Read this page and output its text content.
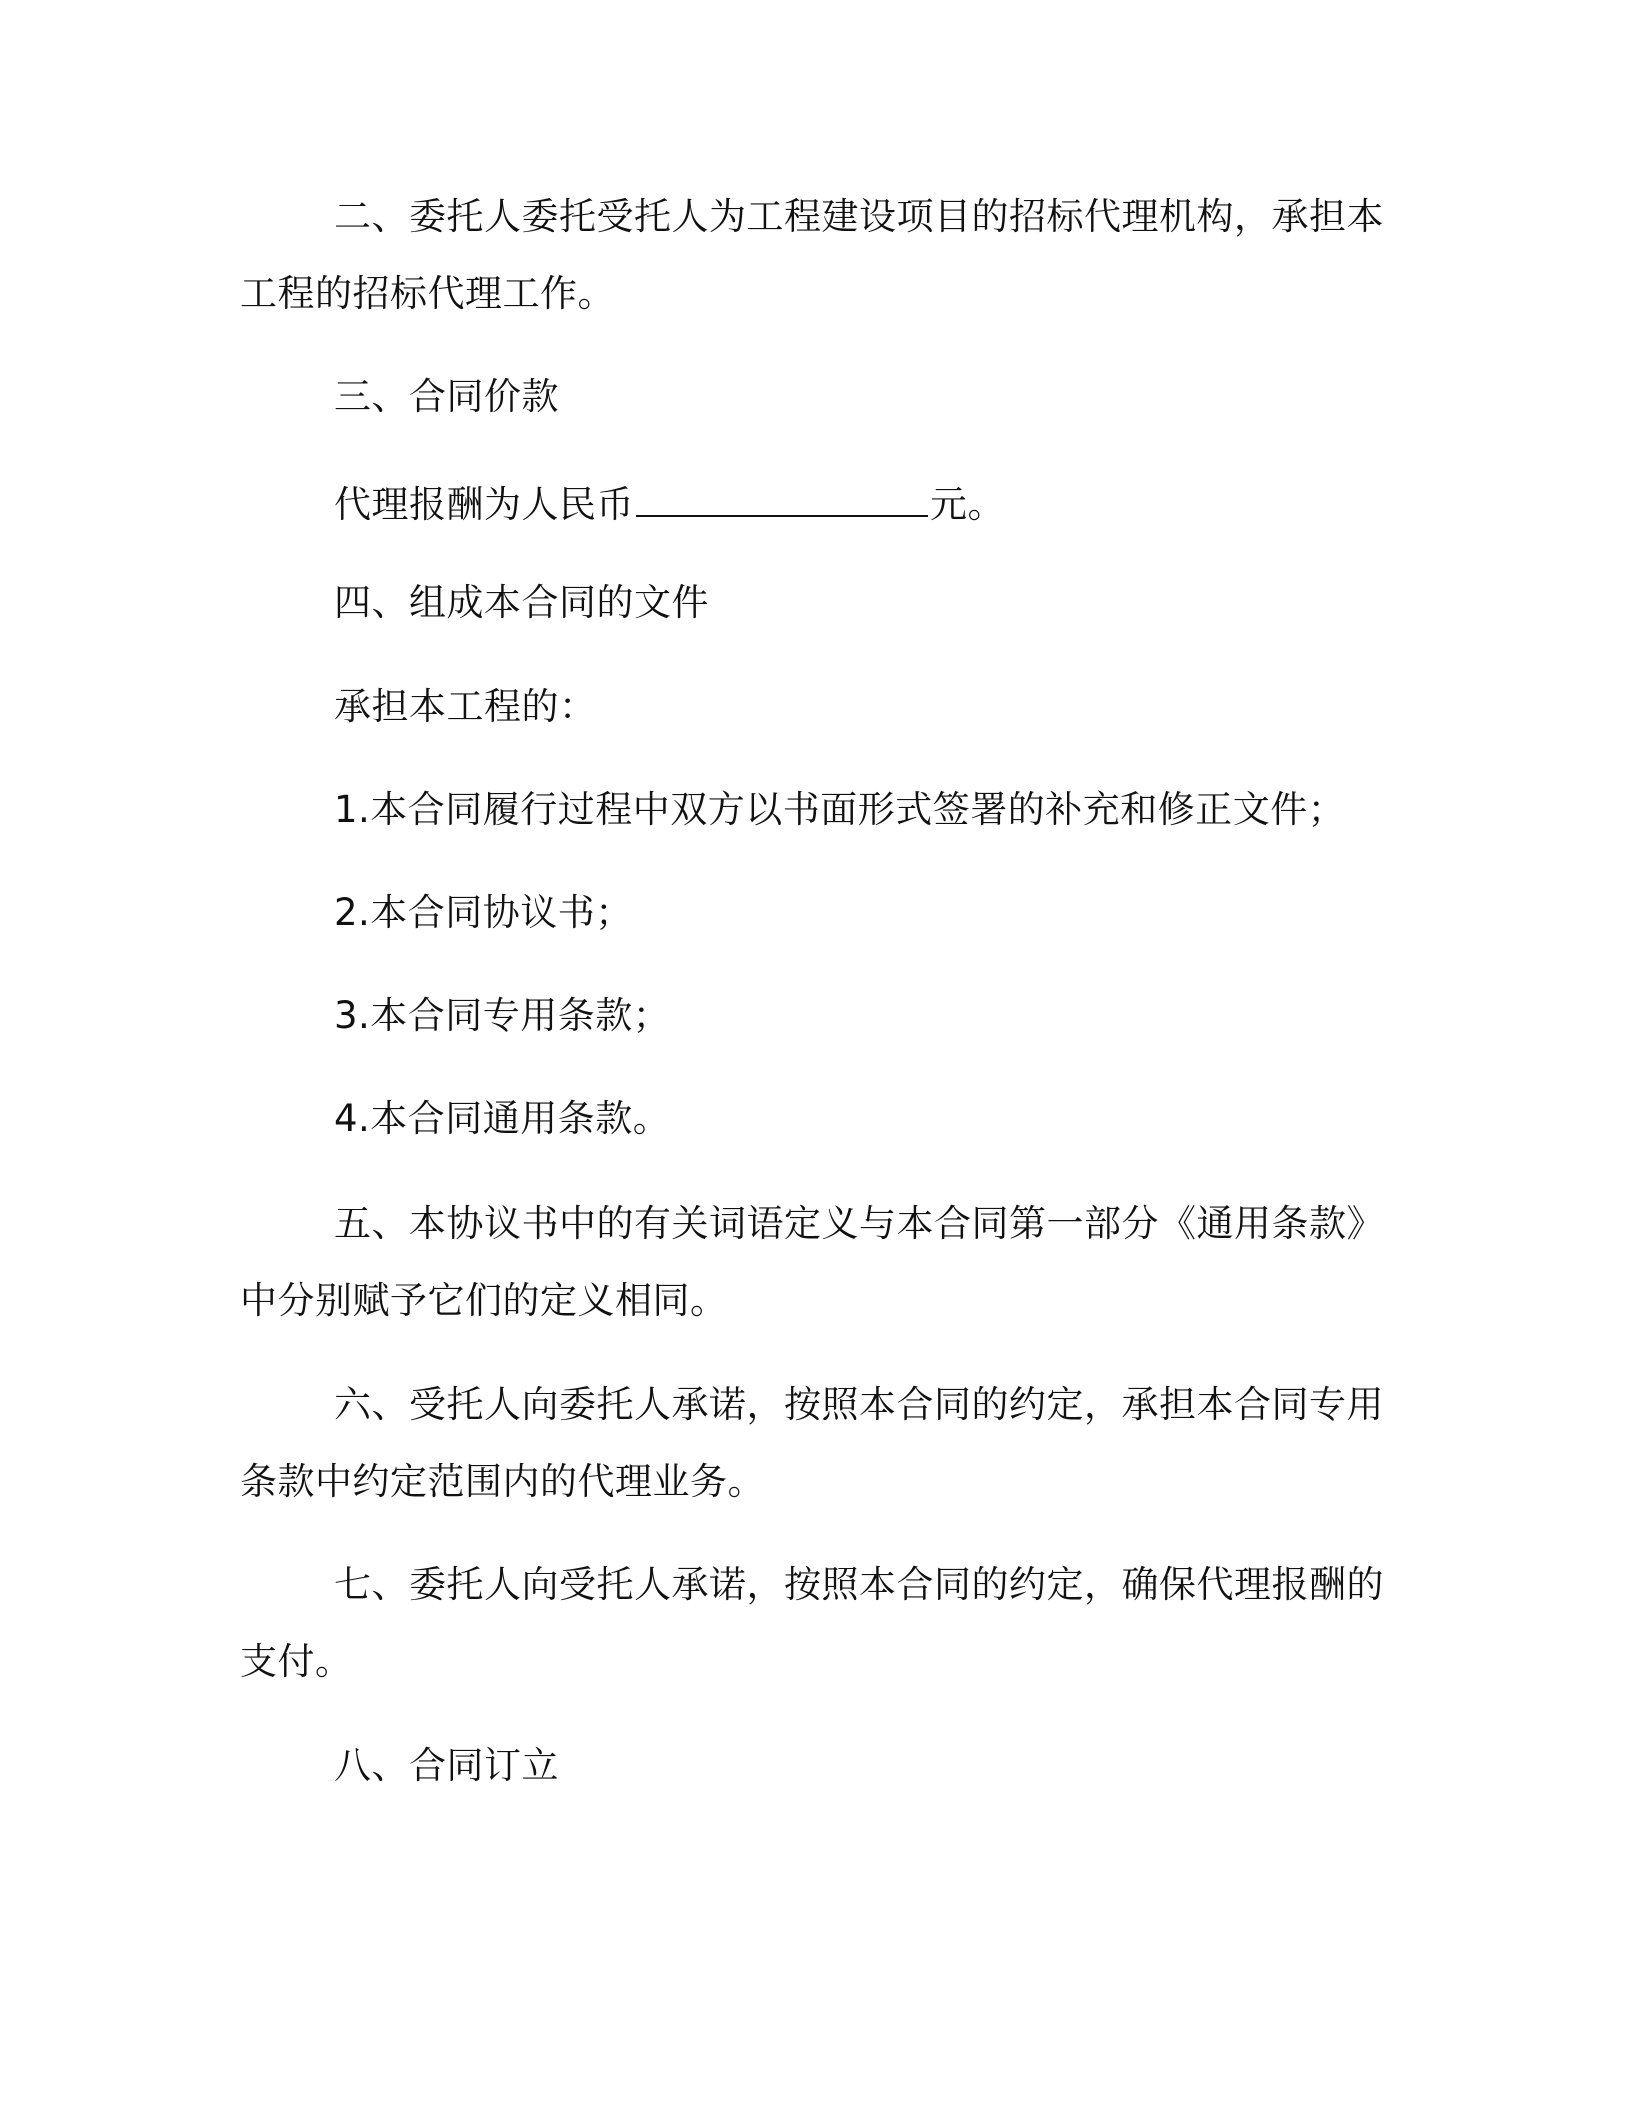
二、委托人委托受托人为工程建设项目的招标代理机构，承担本
工程的招标代理工作。
三、合同价款
代理报酬为人民币	元。
四、组成本合同的文件
承担本工程的：
1.本合同履行过程中双方以书面形式签署的补充和修正文件；
2.本合同协议书；
3.本合同专用条款；
4.本合同通用条款。
五、本协议书中的有关词语定义与本合同第一部分《通用条款》
中分别赋予它们的定义相同。
六、受托人向委托人承诺，按照本合同的约定，承担本合同专用
条款中约定范围内的代理业务。
七、委托人向受托人承诺，按照本合同的约定，确保代理报酬的
支付。
八、合同订立
